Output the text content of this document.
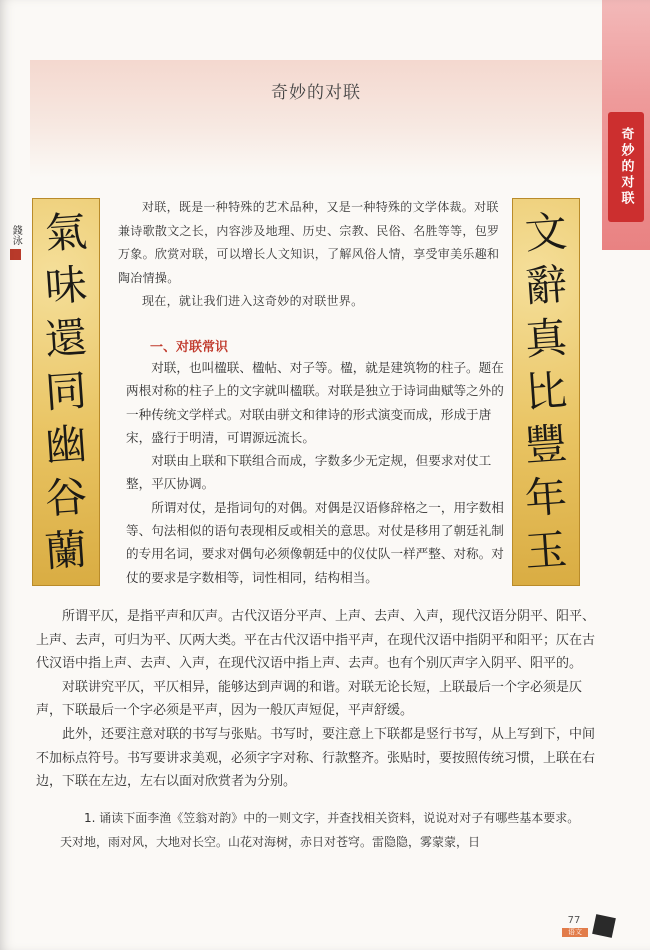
奇妙的对联
奇妙的对联
氣
味
還
同
幽
谷
蘭
錢泳	文
辭
真
比
豐
年
玉

对联，既是一种特殊的艺术品种，又是一种特殊的文学体裁。对联兼诗歌散文之长，内容涉及地理、历史、宗教、民俗、名胜等等，包罗万象。欣赏对联，可以增长人文知识，了解风俗人情，享受审美乐趣和陶冶情操。

现在，就让我们进入这奇妙的对联世界。

一、对联常识

对联，也叫楹联、楹帖、对子等。楹，就是建筑物的柱子。题在两根对称的柱子上的文字就叫楹联。对联是独立于诗词曲赋等之外的一种传统文学样式。对联由骈文和律诗的形式演变而成，形成于唐宋，盛行于明清，可谓源远流长。

对联由上联和下联组合而成，字数多少无定规，但要求对仗工整，平仄协调。

所谓对仗，是指词句的对偶。对偶是汉语修辞格之一，用字数相等、句法相似的语句表现相反或相关的意思。对仗是移用了朝廷礼制的专用名词，要求对偶句必须像朝廷中的仪仗队一样严整、对称。对仗的要求是字数相等，词性相同，结构相当。

所谓平仄，是指平声和仄声。古代汉语分平声、上声、去声、入声，现代汉语分阴平、阳平、上声、去声，可归为平、仄两大类。平在古代汉语中指平声，在现代汉语中指阴平和阳平；仄在古代汉语中指上声、去声、入声，在现代汉语中指上声、去声。也有个别仄声字入阴平、阳平的。

对联讲究平仄，平仄相异，能够达到声调的和谐。对联无论长短，上联最后一个字必须是仄声，下联最后一个字必须是平声，因为一般仄声短促，平声舒缓。

此外，还要注意对联的书写与张贴。书写时，要注意上下联都是竖行书写，从上写到下，中间不加标点符号。书写要讲求美观，必须字字对称、行款整齐。张贴时，要按照传统习惯，上联在右边，下联在左边，左右以面对欣赏者为分别。

1. 诵读下面李渔《笠翁对韵》中的一则文字，并查找相关资料，说说对对子有哪些基本要求。

天对地，雨对风，大地对长空。山花对海树，赤日对苍穹。雷隐隐，雾蒙蒙，日

77
语文
